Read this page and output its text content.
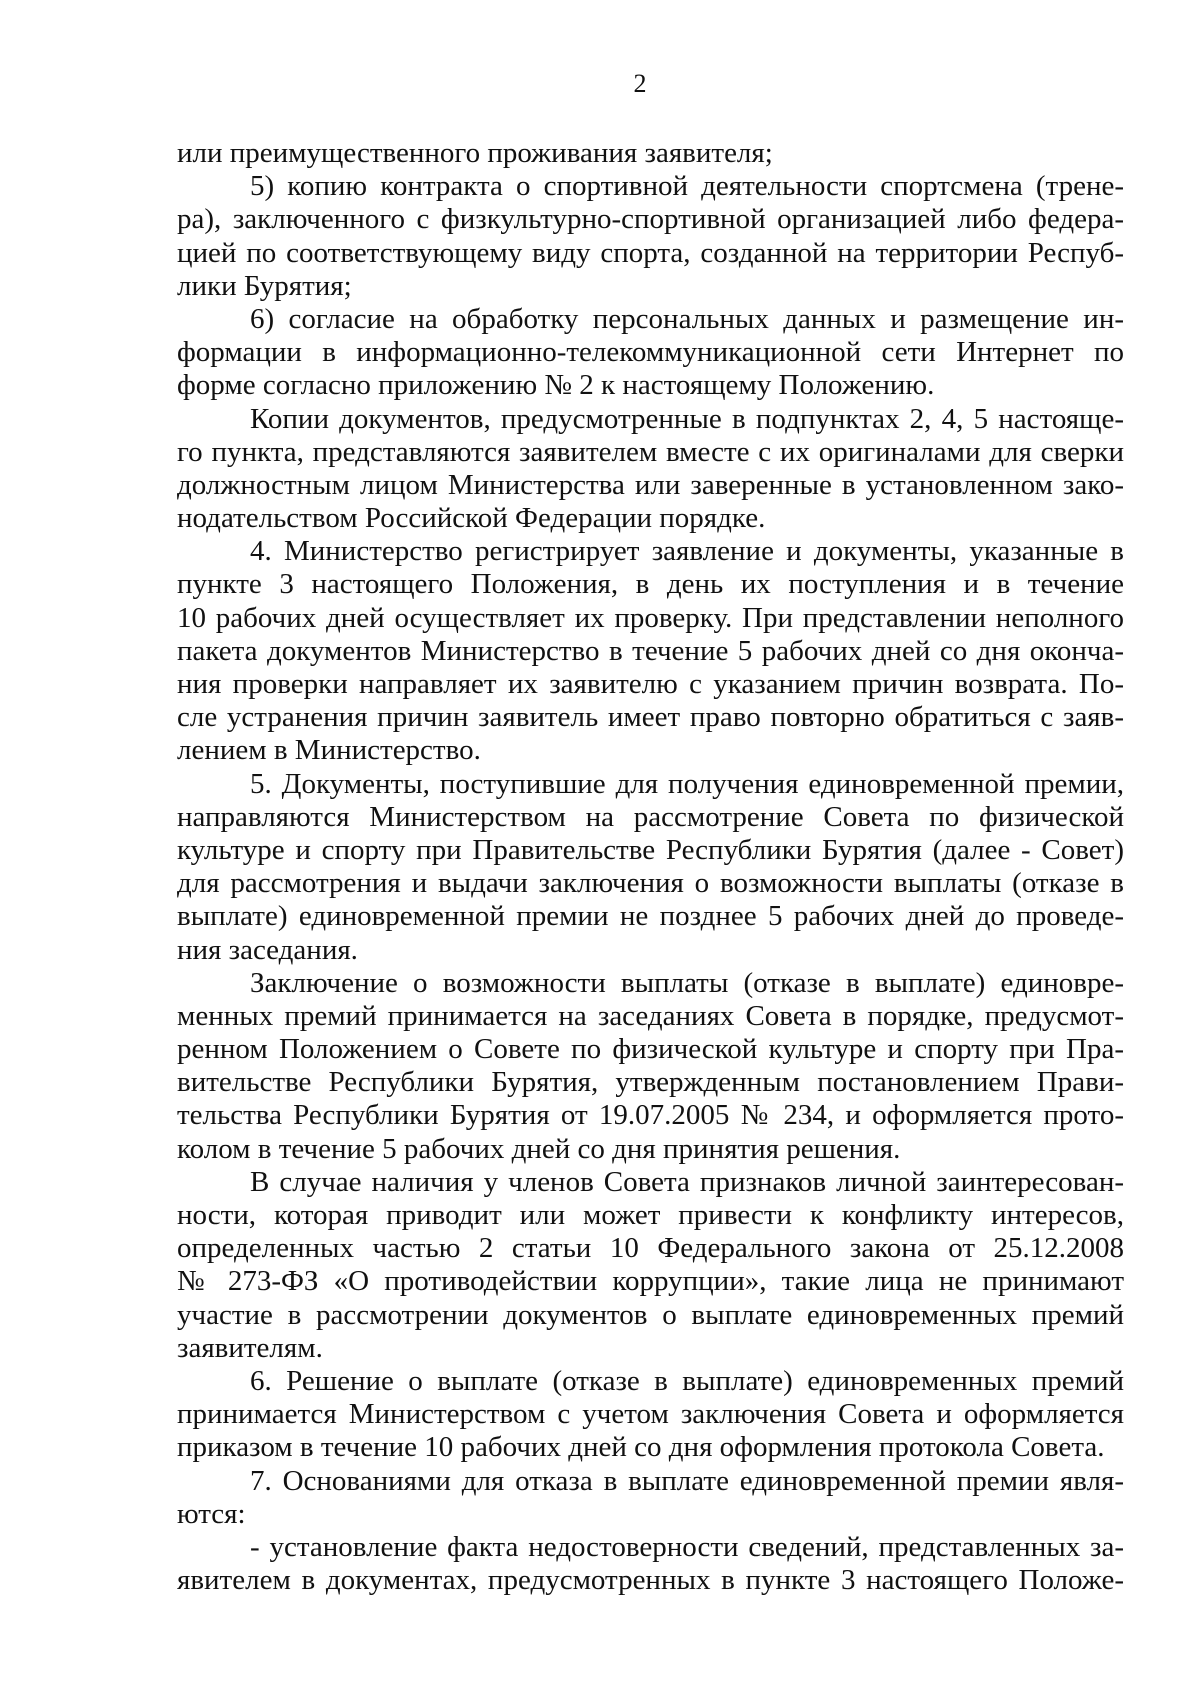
2
или преимущественного проживания заявителя;
5) копию контракта о спортивной деятельности спортсмена (трене-
ра), заключенного с физкультурно-спортивной организацией либо федера-
цией по соответствующему виду спорта, созданной на территории Респуб-
лики Бурятия;
6) согласие на обработку персональных данных и размещение ин-
формации в информационно-телекоммуникационной сети Интернет по
форме согласно приложению № 2 к настоящему Положению.
Копии документов, предусмотренные в подпунктах 2, 4, 5 настояще-
го пункта, представляются заявителем вместе с их оригиналами для сверки
должностным лицом Министерства или заверенные в установленном зако-
нодательством Российской Федерации порядке.
4. Министерство регистрирует заявление и документы, указанные в
пункте 3 настоящего Положения, в день их поступления и в течение
10 рабочих дней осуществляет их проверку. При представлении неполного
пакета документов Министерство в течение 5 рабочих дней со дня оконча-
ния проверки направляет их заявителю с указанием причин возврата. По-
сле устранения причин заявитель имеет право повторно обратиться с заяв-
лением в Министерство.
5. Документы, поступившие для получения единовременной премии,
направляются Министерством на рассмотрение Совета по физической
культуре и спорту при Правительстве Республики Бурятия (далее - Совет)
для рассмотрения и выдачи заключения о возможности выплаты (отказе в
выплате) единовременной премии не позднее 5 рабочих дней до проведе-
ния заседания.
Заключение о возможности выплаты (отказе в выплате) единовре-
менных премий принимается на заседаниях Совета в порядке, предусмот-
ренном Положением о Совете по физической культуре и спорту при Пра-
вительстве Республики Бурятия, утвержденным постановлением Прави-
тельства Республики Бурятия от 19.07.2005 № 234, и оформляется прото-
колом в течение 5 рабочих дней со дня принятия решения.
В случае наличия у членов Совета признаков личной заинтересован-
ности, которая приводит или может привести к конфликту интересов,
определенных частью 2 статьи 10 Федерального закона от 25.12.2008
№ 273-ФЗ «О противодействии коррупции», такие лица не принимают
участие в рассмотрении документов о выплате единовременных премий
заявителям.
6. Решение о выплате (отказе в выплате) единовременных премий
принимается Министерством с учетом заключения Совета и оформляется
приказом в течение 10 рабочих дней со дня оформления протокола Совета.
7. Основаниями для отказа в выплате единовременной премии явля-
ются:
- установление факта недостоверности сведений, представленных за-
явителем в документах, предусмотренных в пункте 3 настоящего Положе-
